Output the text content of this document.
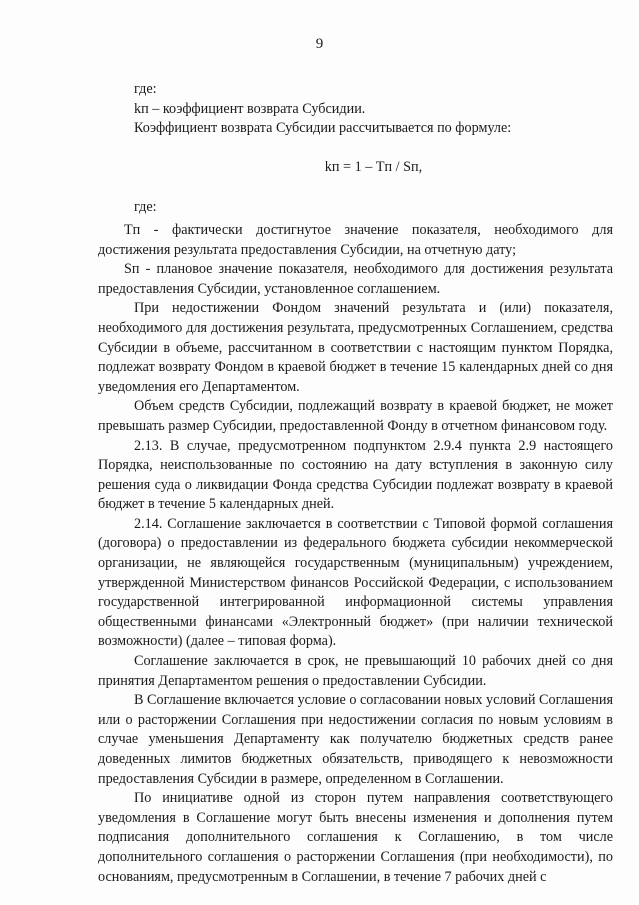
9

где:

kп – коэффициент возврата Субсидии.

Коэффициент возврата Субсидии рассчитывается по формуле:

kп = 1 – Tп / Sп,

где:

Tп - фактически достигнутое значение показателя, необходимого для достижения результата предоставления Субсидии, на отчетную дату;

Sп - плановое значение показателя, необходимого для достижения результата предоставления Субсидии, установленное соглашением.

При недостижении Фондом значений результата и (или) показателя, необходимого для достижения результата, предусмотренных Соглашением, средства Субсидии в объеме, рассчитанном в соответствии с настоящим пунктом Порядка, подлежат возврату Фондом в краевой бюджет в течение 15 календарных дней со дня уведомления его Департаментом.

Объем средств Субсидии, подлежащий возврату в краевой бюджет, не может превышать размер Субсидии, предоставленной Фонду в отчетном финансовом году.

2.13. В случае, предусмотренном подпунктом 2.9.4 пункта 2.9 настоящего Порядка, неиспользованные по состоянию на дату вступления в законную силу решения суда о ликвидации Фонда средства Субсидии подлежат возврату в краевой бюджет в течение 5 календарных дней.

2.14. Соглашение заключается в соответствии с Типовой формой соглашения (договора) о предоставлении из федерального бюджета субсидии некоммерческой организации, не являющейся государственным (муниципальным) учреждением, утвержденной Министерством финансов Российской Федерации, с использованием государственной интегрированной информационной системы управления общественными финансами «Электронный бюджет» (при наличии технической возможности) (далее – типовая форма).

Соглашение заключается в срок, не превышающий 10 рабочих дней со дня принятия Департаментом решения о предоставлении Субсидии.

В Соглашение включается условие о согласовании новых условий Соглашения или о расторжении Соглашения при недостижении согласия по новым условиям в случае уменьшения Департаменту как получателю бюджетных средств ранее доведенных лимитов бюджетных обязательств, приводящего к невозможности предоставления Субсидии в размере, определенном в Соглашении.

По инициативе одной из сторон путем направления соответствующего уведомления в Соглашение могут быть внесены изменения и дополнения путем подписания дополнительного соглашения к Соглашению, в том числе дополнительного соглашения о расторжении Соглашения (при необходимости), по основаниям, предусмотренным в Соглашении, в течение 7 рабочих дней с
